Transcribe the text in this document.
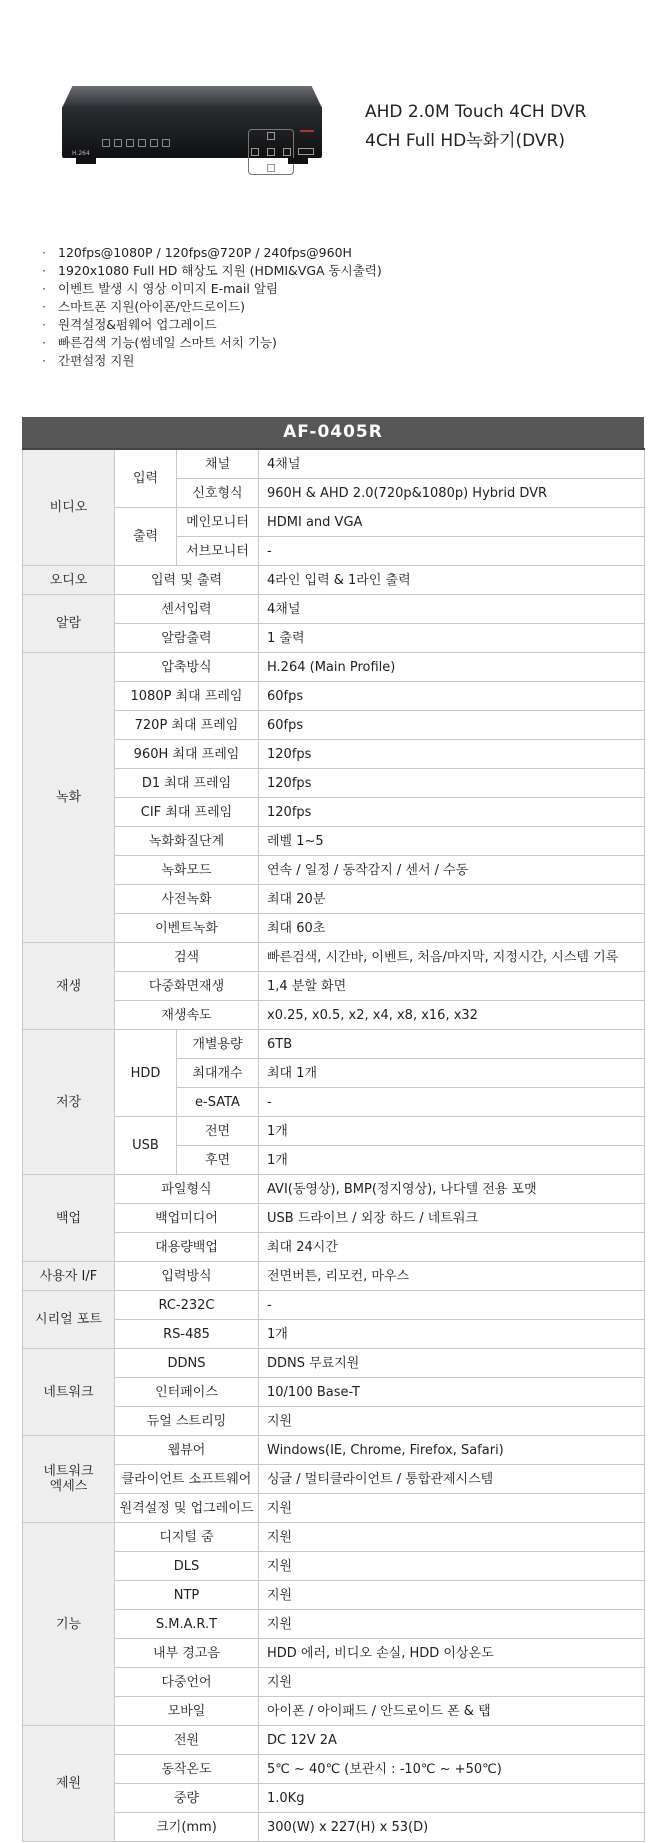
H.264
AHD 2.0M Touch 4CH DVR
4CH Full HD녹화기(DVR)
· 120fps@1080P / 120fps@720P / 240fps@960H
· 1920x1080 Full HD 해상도 지원 (HDMI&VGA 동시출력)
· 이벤트 발생 시 영상 이미지 E-mail 알림
· 스마트폰 지원(아이폰/안드로이드)
· 원격설정&펌웨어 업그레이드
· 빠른검색 기능(썸네일 스마트 서치 기능)
· 간편설정 지원
AF-0405R
비디오	입력	채널	4채널
		신호형식	960H & AHD 2.0(720p&1080p) Hybrid DVR
	출력	메인모니터	HDMI and VGA
		서브모니터	-
오디오	입력 및 출력		4라인 입력 & 1라인 출력
알람	센서입력		4채널
	알람출력		1 출력
녹화	압축방식		H.264 (Main Profile)
	1080P 최대 프레임		60fps
	720P 최대 프레임		60fps
	960H 최대 프레임		120fps
	D1 최대 프레임		120fps
	CIF 최대 프레임		120fps
	녹화화질단계		레벨 1~5
	녹화모드		연속 / 일정 / 동작감지 / 센서 / 수동
	사전녹화		최대 20분
	이벤트녹화		최대 60초
재생	검색		빠른검색, 시간바, 이벤트, 처음/마지막, 지정시간, 시스템 기록
	다중화면재생		1,4 분할 화면
	재생속도		x0.25, x0.5, x2, x4, x8, x16, x32
저장	HDD	개별용량	6TB
		최대개수	최대 1개
		e-SATA	-
	USB	전면	1개
		후면	1개
백업	파일형식		AVI(동영상), BMP(정지영상), 나다텔 전용 포맷
	백업미디어		USB 드라이브 / 외장 하드 / 네트워크
	대용량백업		최대 24시간
사용자 I/F	입력방식		전면버튼, 리모컨, 마우스
시리얼 포트	RC-232C		-
	RS-485		1개
네트워크	DDNS		DDNS 무료지원
	인터페이스		10/100 Base-T
	듀얼 스트리밍		지원
네트워크
엑세스	웹뷰어		Windows(IE, Chrome, Firefox, Safari)
	클라이언트 소프트웨어		싱글 / 멀티클라이언트 / 통합관제시스템
	원격설정 및 업그레이드		지원
기능	디지털 줌		지원
	DLS		지원
	NTP		지원
	S.M.A.R.T		지원
	내부 경고음		HDD 에러, 비디오 손실, HDD 이상온도
	다중언어		지원
	모바일		아이폰 / 아이패드 / 안드로이드 폰 & 탭
제원	전원		DC 12V 2A
	동작온도		5℃ ~ 40℃ (보관시 : -10℃ ~ +50℃)
	중량		1.0Kg
	크기(mm)		300(W) x 227(H) x 53(D)
